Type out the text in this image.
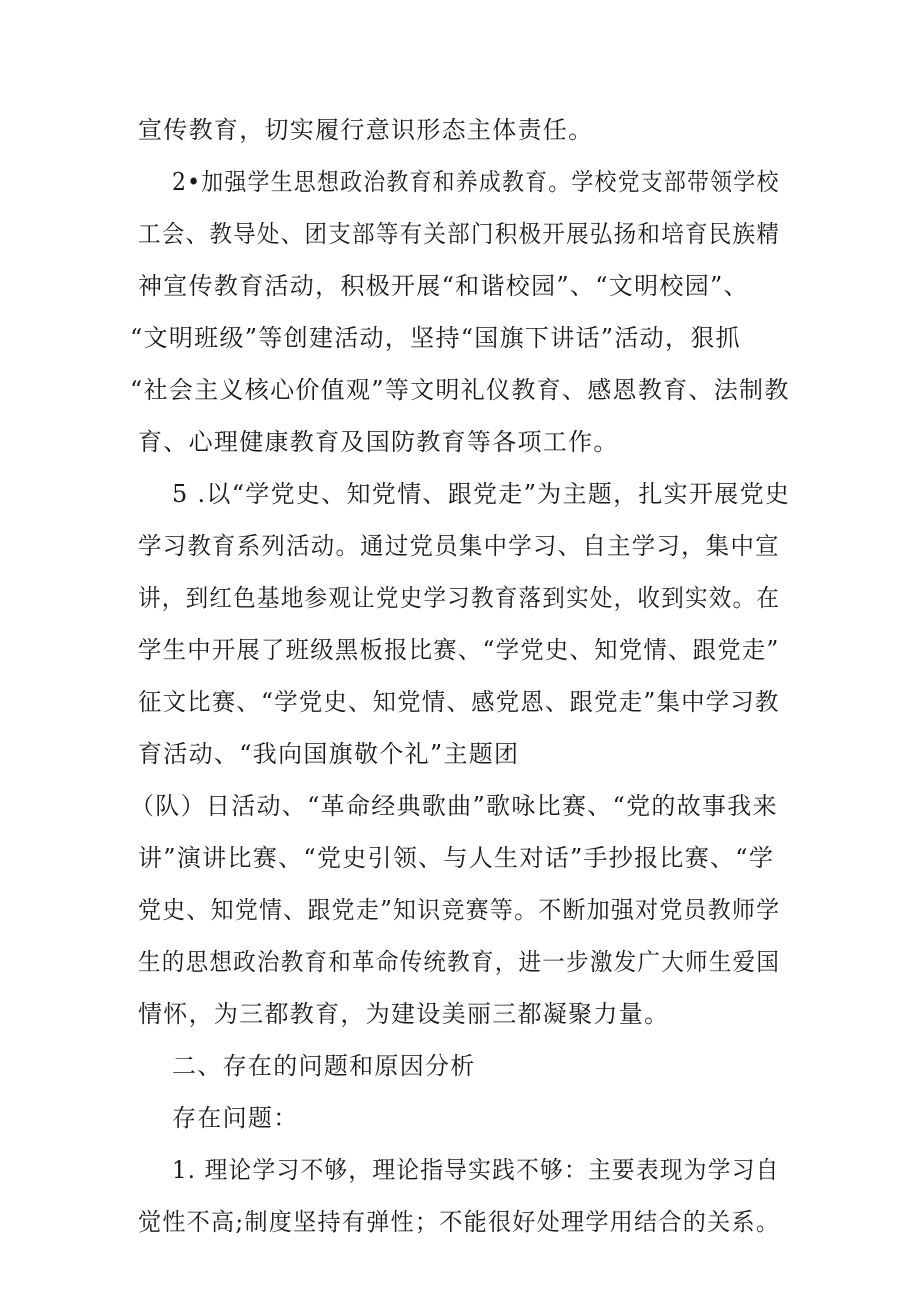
宣传教育，切实履行意识形态主体责任。

2•加强学生思想政治教育和养成教育。学校党支部带领学校

工会、教导处、团支部等有关部门积极开展弘扬和培育民族精

神宣传教育活动，积极开展“和谐校园”、“文明校园”、

“文明班级”等创建活动，坚持“国旗下讲话”活动，狠抓

“社会主义核心价值观”等文明礼仪教育、感恩教育、法制教

育、心理健康教育及国防教育等各项工作。

5 .以“学党史、知党情、跟党走”为主题，扎实开展党史

学习教育系列活动。通过党员集中学习、自主学习，集中宣

讲，到红色基地参观让党史学习教育落到实处，收到实效。在

学生中开展了班级黑板报比赛、“学党史、知党情、跟党走”

征文比赛、“学党史、知党情、感党恩、跟党走”集中学习教

育活动、“我向国旗敬个礼”主题团

（队）日活动、“革命经典歌曲”歌咏比赛、“党的故事我来

讲”演讲比赛、“党史引领、与人生对话”手抄报比赛、“学

党史、知党情、跟党走”知识竞赛等。不断加强对党员教师学

生的思想政治教育和革命传统教育，进一步激发广大师生爱国

情怀，为三都教育，为建设美丽三都凝聚力量。

二、存在的问题和原因分析

存在问题：

1. 理论学习不够，理论指导实践不够：主要表现为学习自

觉性不高;制度坚持有弹性；不能很好处理学用结合的关系。
